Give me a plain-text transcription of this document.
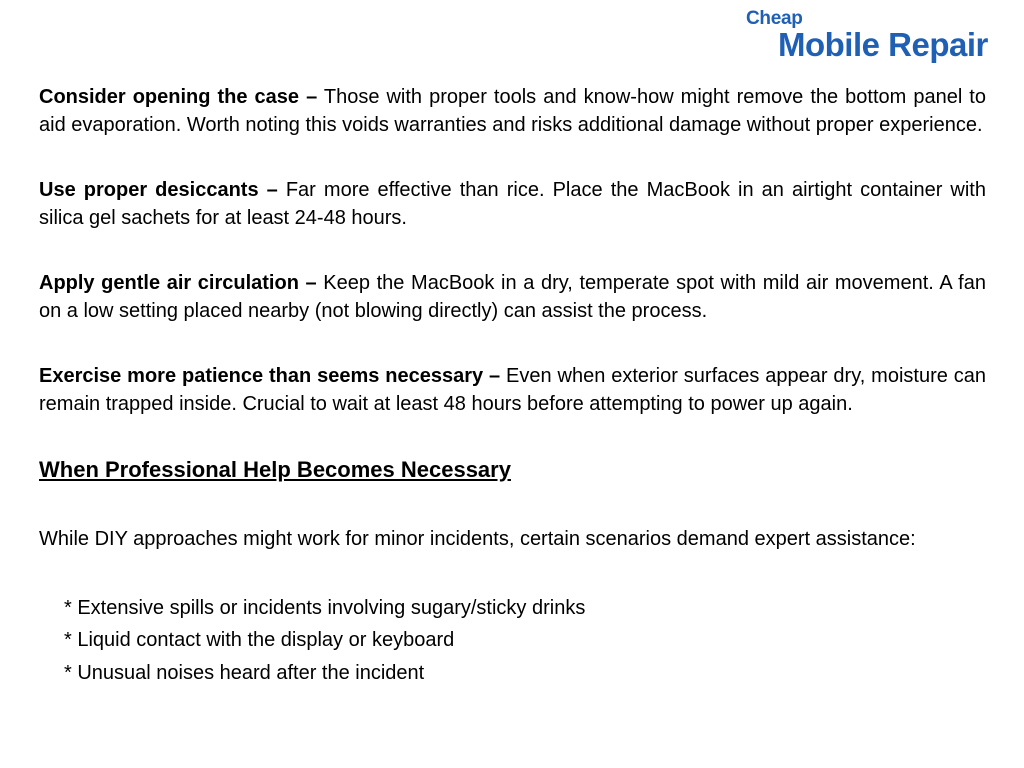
Cheap
Mobile Repair

Consider opening the case – Those with proper tools and know-how might remove the bottom panel to aid evaporation. Worth noting this voids warranties and risks additional damage without proper experience.

Use proper desiccants – Far more effective than rice. Place the MacBook in an airtight container with silica gel sachets for at least 24-48 hours.

Apply gentle air circulation – Keep the MacBook in a dry, temperate spot with mild air movement. A fan on a low setting placed nearby (not blowing directly) can assist the process.

Exercise more patience than seems necessary – Even when exterior surfaces appear dry, moisture can remain trapped inside. Crucial to wait at least 48 hours before attempting to power up again.

When Professional Help Becomes Necessary

While DIY approaches might work for minor incidents, certain scenarios demand expert assistance:

* Extensive spills or incidents involving sugary/sticky drinks
* Liquid contact with the display or keyboard
* Unusual noises heard after the incident
